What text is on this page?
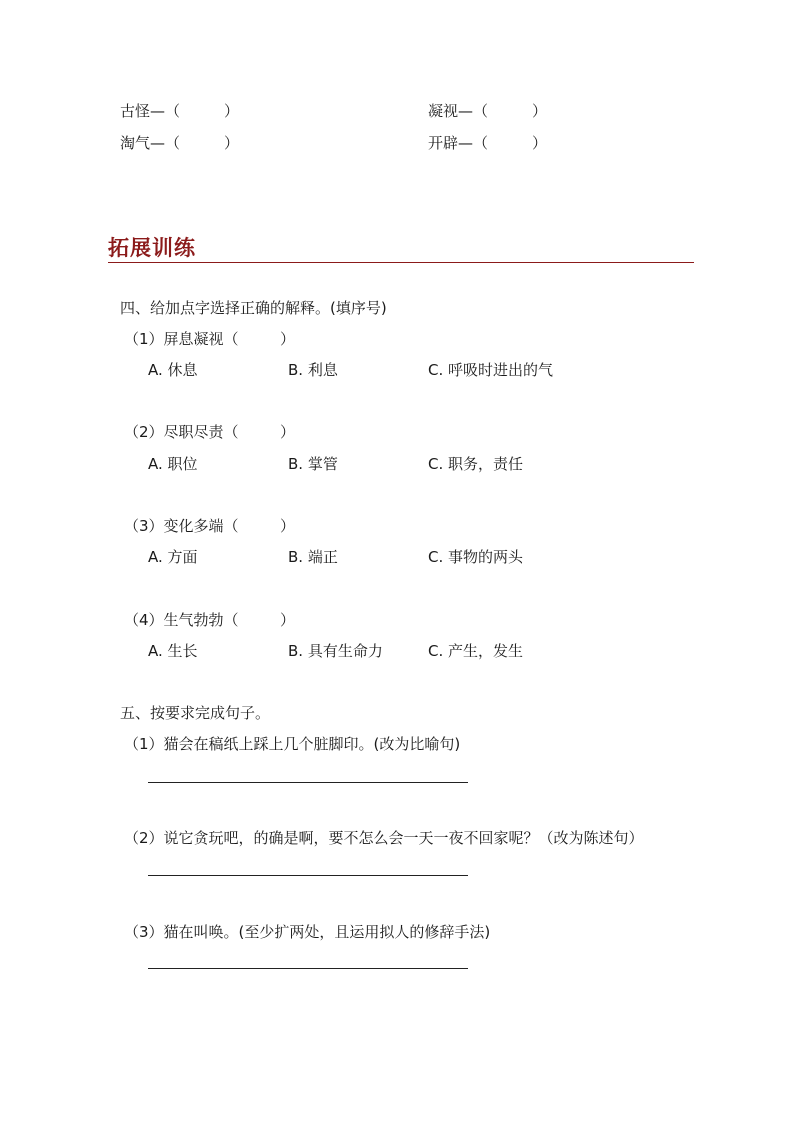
古怪—（	）	凝视—（	）
淘气—（	）	开辟—（	）
拓展训练
四、给加点字选择正确的解释。(填序号)
（1）屏息凝视（	）
A. 休息	B. 利息	C. 呼吸时进出的气
（2）尽职尽责（	）
A. 职位	B. 掌管	C. 职务，责任
（3）变化多端（	）
A. 方面	B. 端正	C. 事物的两头
（4）生气勃勃（	）
A. 生长	B. 具有生命力	C. 产生，发生
五、按要求完成句子。
（1）猫会在稿纸上踩上几个脏脚印。(改为比喻句)
（2）说它贪玩吧，的确是啊，要不怎么会一天一夜不回家呢？（改为陈述句）
（3）猫在叫唤。(至少扩两处，且运用拟人的修辞手法)
